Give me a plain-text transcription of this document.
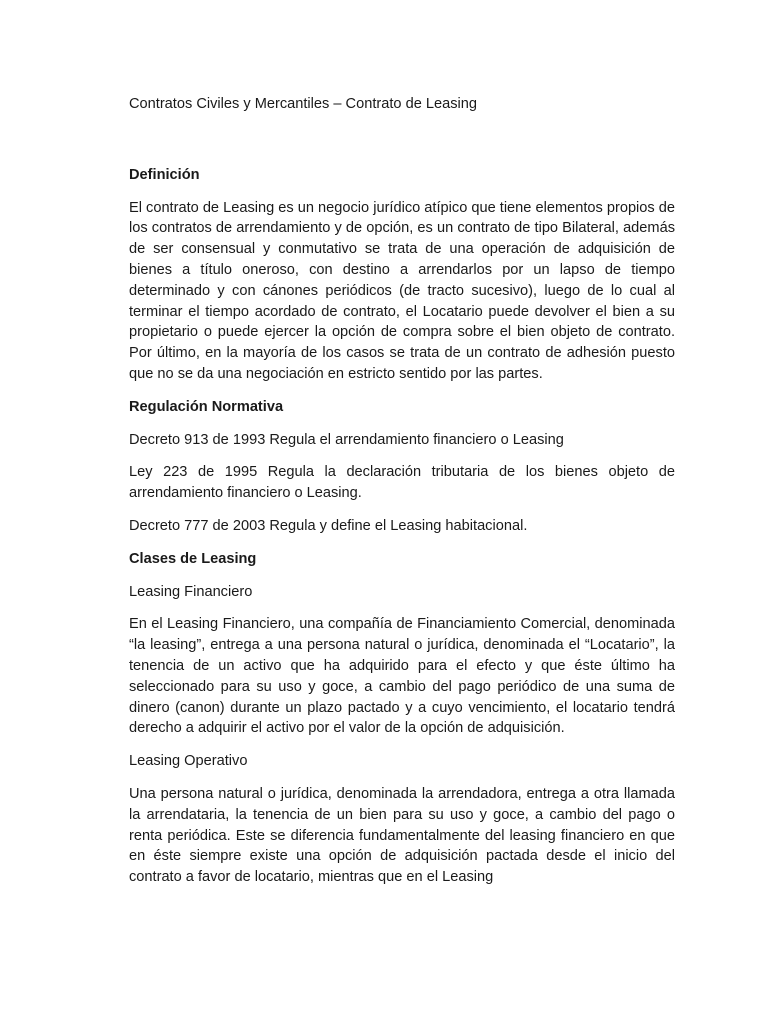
Contratos Civiles y Mercantiles – Contrato de Leasing

Definición

El contrato de Leasing es un negocio jurídico atípico que tiene elementos propios de los contratos de arrendamiento y de opción, es un contrato de tipo Bilateral, además de ser consensual y conmutativo se trata de una operación de adquisición de bienes a título oneroso, con destino a arrendarlos por un lapso de tiempo determinado y con cánones periódicos (de tracto sucesivo), luego de lo cual al terminar el tiempo acordado de contrato, el Locatario puede devolver el bien a su propietario o puede ejercer la opción de compra sobre el bien objeto de contrato. Por último, en la mayoría de los casos se trata de un contrato de adhesión puesto que no se da una negociación en estricto sentido por las partes.

Regulación Normativa

Decreto 913 de 1993 Regula el arrendamiento financiero o Leasing

Ley 223 de 1995 Regula la declaración tributaria de los bienes objeto de arrendamiento financiero o Leasing.

Decreto 777 de 2003 Regula y define el Leasing habitacional.

Clases de Leasing

Leasing Financiero

En el Leasing Financiero, una compañía de Financiamiento Comercial, denominada “la leasing”, entrega a una persona natural o jurídica, denominada el “Locatario”, la tenencia de un activo que ha adquirido para el efecto y que éste último ha seleccionado para su uso y goce, a cambio del pago periódico de una suma de dinero (canon) durante un plazo pactado y a cuyo vencimiento, el locatario tendrá derecho a adquirir el activo por el valor de la opción de adquisición.

Leasing Operativo

Una persona natural o jurídica, denominada la arrendadora, entrega a otra llamada la arrendataria, la tenencia de un bien para su uso y goce, a cambio del pago o renta periódica. Este se diferencia fundamentalmente del leasing financiero en que en éste siempre existe una opción de adquisición pactada desde el inicio del contrato a favor de locatario, mientras que en el Leasing
